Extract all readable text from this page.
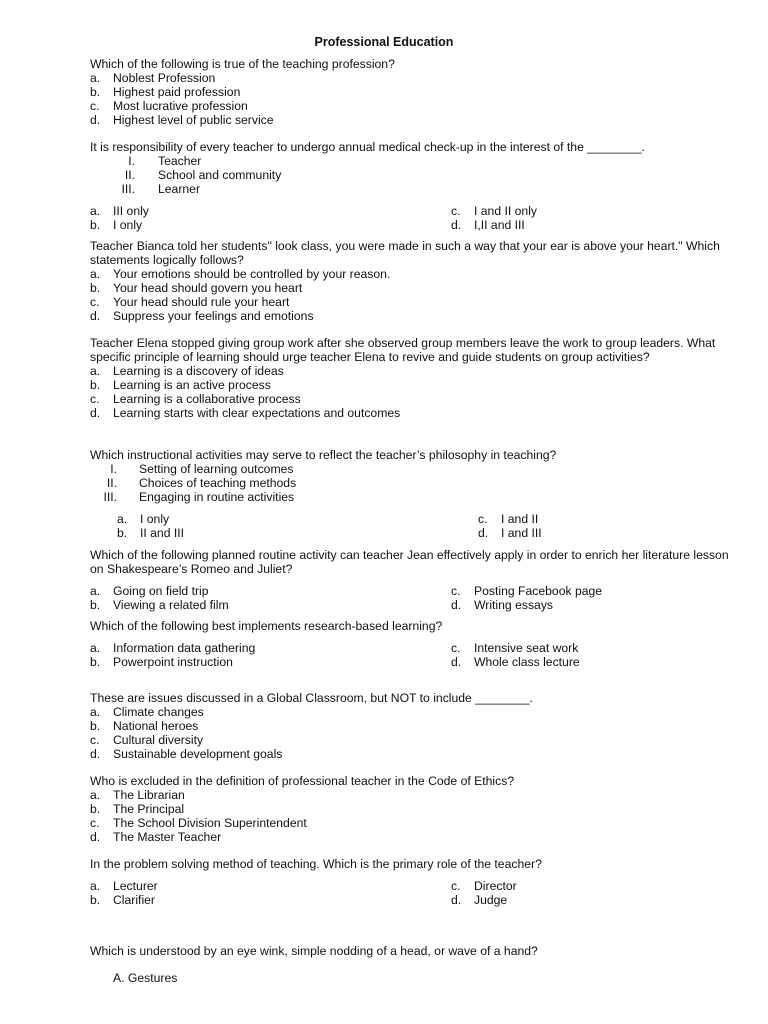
Professional Education

Which of the following is true of the teaching profession?

a.	Noblest Profession
b.	Highest paid profession
c.	Most lucrative profession
d.	Highest level of public service

It is responsibility of every teacher to undergo annual medical check-up in the interest of the ________.

I. Teacher
II. School and community
III. Learner
a.	III only	c.	I and II only
b.	I only	d.	I,II and III

Teacher Bianca told her students" look class, you were made in such a way that your ear is above your heart." Which statements logically follows?

a.	Your emotions should be controlled by your reason.
b.	Your head should govern you heart
c.	Your head should rule your heart
d.	Suppress your feelings and emotions

Teacher Elena stopped giving group work after she observed group members leave the work to group leaders. What specific principle of learning should urge teacher Elena to revive and guide students on group activities?

a.	Learning is a discovery of ideas
b.	Learning is an active process
c.	Learning is a collaborative process
d.	Learning starts with clear expectations and outcomes

Which instructional activities may serve to reflect the teacher’s philosophy in teaching?

I. Setting of learning outcomes
II. Choices of teaching methods
III. Engaging in routine activities
a.	I only	c.	I and II
b.	II and III	d.	I and III

Which of the following planned routine activity can teacher Jean effectively apply in order to enrich her literature lesson on Shakespeare’s Romeo and Juliet?

a.	Going on field trip	c.	Posting Facebook page
b.	Viewing a related film	d.	Writing essays

Which of the following best implements research-based learning?

a.	Information data gathering	c.	Intensive seat work
b.	Powerpoint instruction	d.	Whole class lecture

These are issues discussed in a Global Classroom, but NOT to include ________.

a.	Climate changes
b.	National heroes
c.	Cultural diversity
d.	Sustainable development goals

Who is excluded in the definition of professional teacher in the Code of Ethics?

a.	The Librarian
b.	The Principal
c.	The School Division Superintendent
d.	The Master Teacher

In the problem solving method of teaching. Which is the primary role of the teacher?

a.	Lecturer	c.	Director
b.	Clarifier	d.	Judge

Which is understood by an eye wink, simple nodding of a head, or wave of a hand?

A. Gestures
